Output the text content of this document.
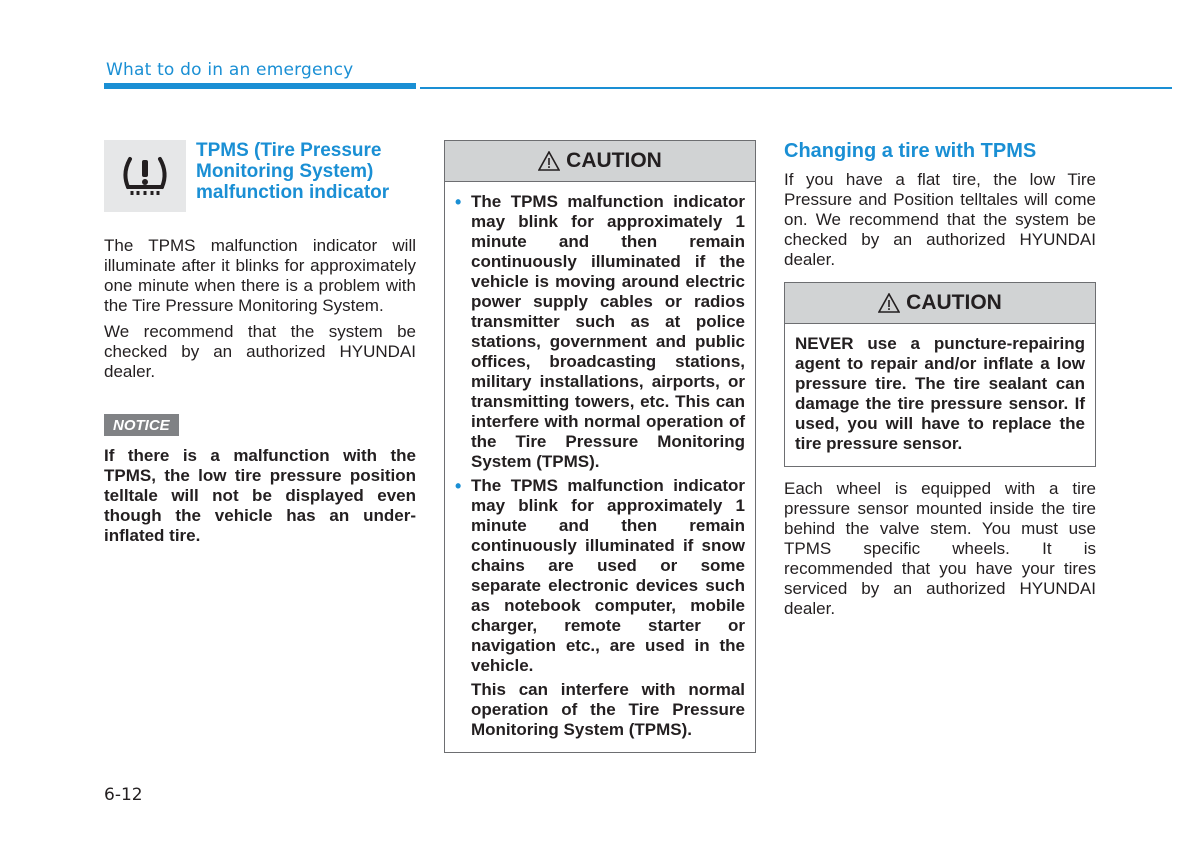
What to do in an emergency
TPMS (Tire Pressure Monitoring System) malfunction indicator

The TPMS malfunction indicator will illuminate after it blinks for approximately one minute when there is a problem with the Tire Pressure Monitoring System.

We recommend that the system be checked by an authorized HYUNDAI dealer.

NOTICE

If there is a malfunction with the TPMS, the low tire pressure position telltale will not be displayed even though the vehicle has an under-inflated tire.

CAUTION

• The TPMS malfunction indicator may blink for approximately 1 minute and then remain continuously illuminated if the vehicle is moving around electric power supply cables or radios transmitter such as at police stations, government and public offices, broadcasting stations, military installations, airports, or transmitting towers, etc. This can interfere with normal operation of the Tire Pressure Monitoring System (TPMS).

• The TPMS malfunction indicator may blink for approximately 1 minute and then remain continuously illuminated if snow chains are used or some separate electronic devices such as notebook computer, mobile charger, remote starter or navigation etc., are used in the vehicle.

This can interfere with normal operation of the Tire Pressure Monitoring System (TPMS).

Changing a tire with TPMS

If you have a flat tire, the low Tire Pressure and Position telltales will come on. We recommend that the system be checked by an authorized HYUNDAI dealer.

CAUTION

NEVER use a puncture-repairing agent to repair and/or inflate a low pressure tire. The tire sealant can damage the tire pressure sensor. If used, you will have to replace the tire pressure sensor.

Each wheel is equipped with a tire pressure sensor mounted inside the tire behind the valve stem. You must use TPMS specific wheels. It is recommended that you have your tires serviced by an authorized HYUNDAI dealer.

6-12
